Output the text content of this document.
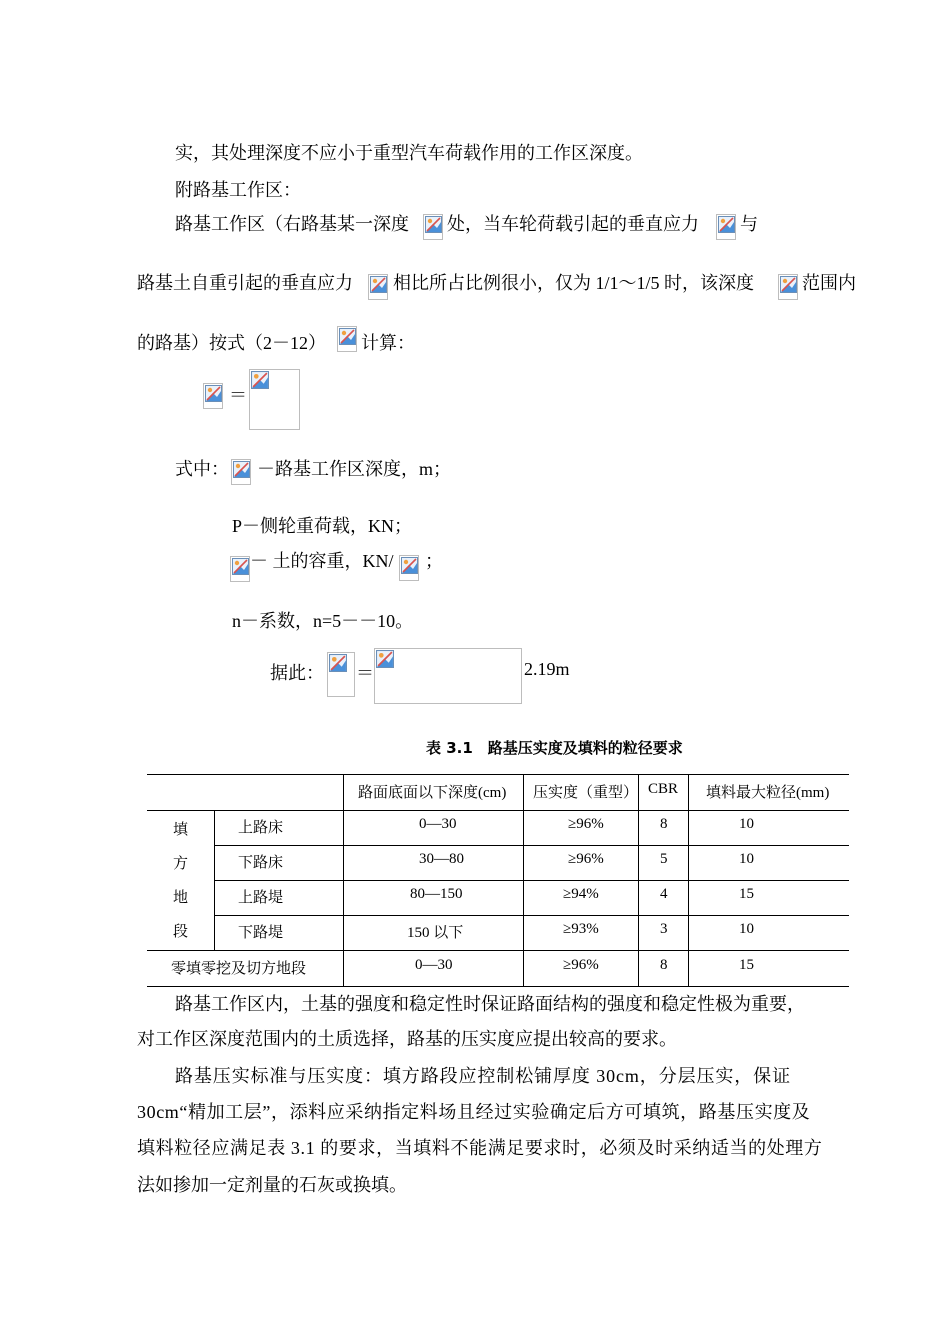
实，其处理深度不应小于重型汽车荷载作用的工作区深度。
附路基工作区：
路基工作区（右路基某一深度 处，当车轮荷载引起的垂直应力 与
路基土自重引起的垂直应力 相比所占比例很小，仅为 1/1～1/5 时，该深度	范围内
的路基）按式（2－12） 计算：
＝
式中： －路基工作区深度，m；
P－侧轮重荷载，KN；
－ 土的容重，KN/ ；
n－系数，n=5－－10。
据此： ＝	2.19m
表 3.1　路基压实度及填料的粒径要求
路面底面以下深度(cm) 压实度（重型） CBR 填料最大粒径(mm)
填
方
地
段
上路床	0—30	≥96%	8	10
下路床	30—80	≥96%	5	10
上路堤	80—150	≥94%	4	15
下路堤	150 以下	≥93%	3	10
零填零挖及切方地段	0—30	≥96%	8	15
路基工作区内，土基的强度和稳定性时保证路面结构的强度和稳定性极为重要，
对工作区深度范围内的土质选择，路基的压实度应提出较高的要求。
路基压实标准与压实度：填方路段应控制松铺厚度 30cm，分层压实，保证
30cm“精加工层”，添料应采纳指定料场且经过实验确定后方可填筑，路基压实度及
填料粒径应满足表 3.1 的要求，当填料不能满足要求时，必须及时采纳适当的处理方
法如掺加一定剂量的石灰或换填。
